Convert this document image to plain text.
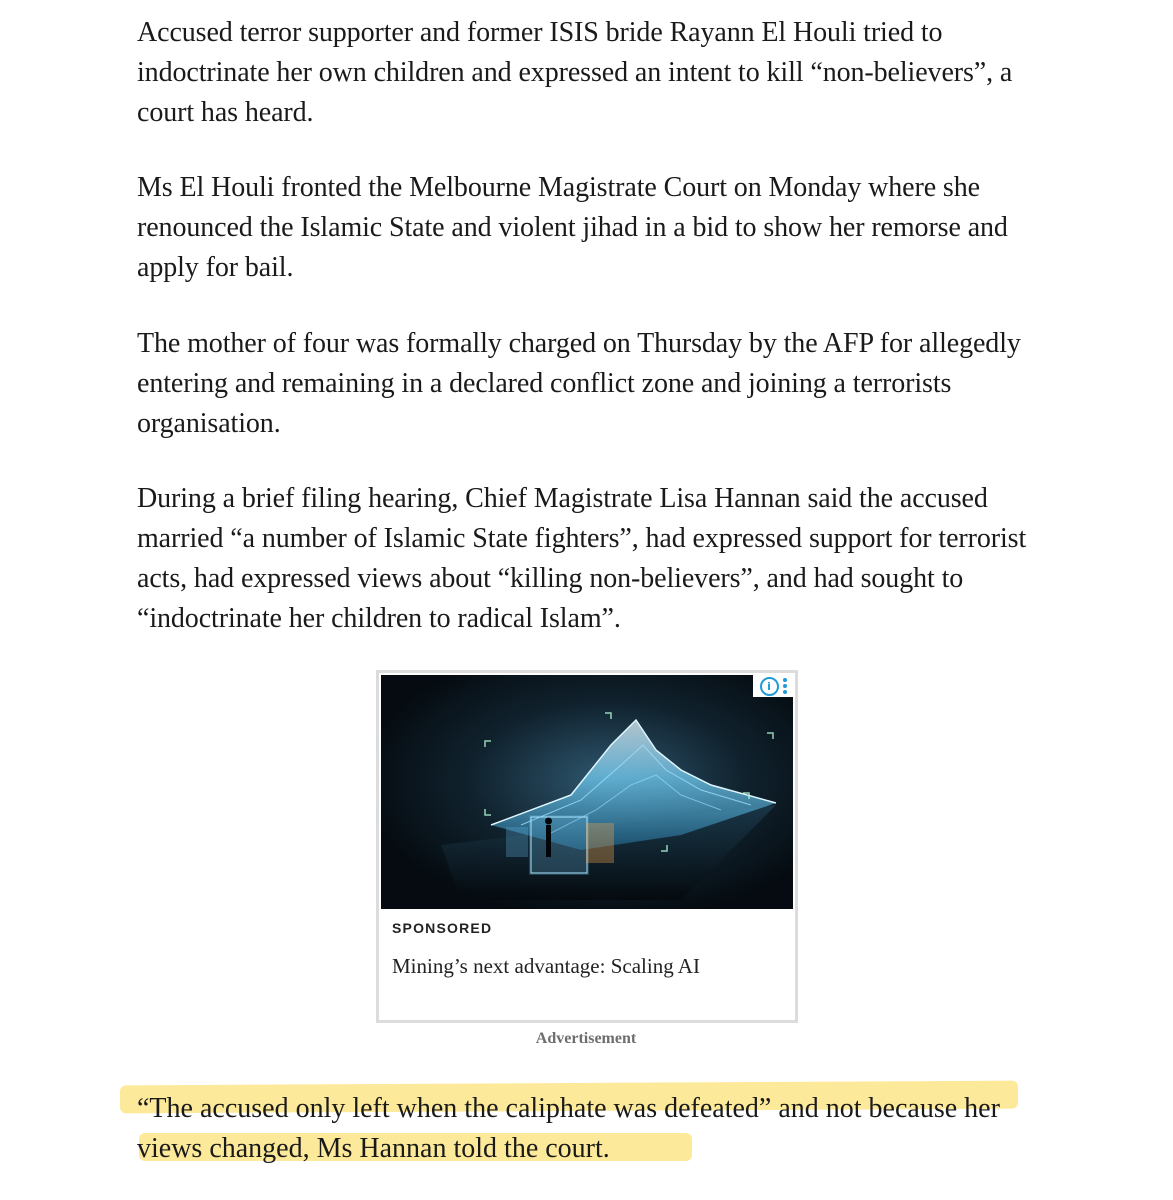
Accused terror supporter and former ISIS bride Rayann El Houli tried to indoctrinate her own children and expressed an intent to kill “non-believers”, a court has heard.

Ms El Houli fronted the Melbourne Magistrate Court on Monday where she renounced the Islamic State and violent jihad in a bid to show her remorse and apply for bail.

The mother of four was formally charged on Thursday by the AFP for allegedly entering and remaining in a declared conflict zone and joining a terrorists organisation.

During a brief filing hearing, Chief Magistrate Lisa Hannan said the accused married “a number of Islamic State fighters”, had expressed support for terrorist acts, had expressed views about “killing non-believers”, and had sought to “indoctrinate her children to radical Islam”.

i
SPONSORED
Mining’s next advantage: Scaling AI
Advertisement

“The accused only left when the caliphate was defeated” and not because her views changed, Ms Hannan told the court.
